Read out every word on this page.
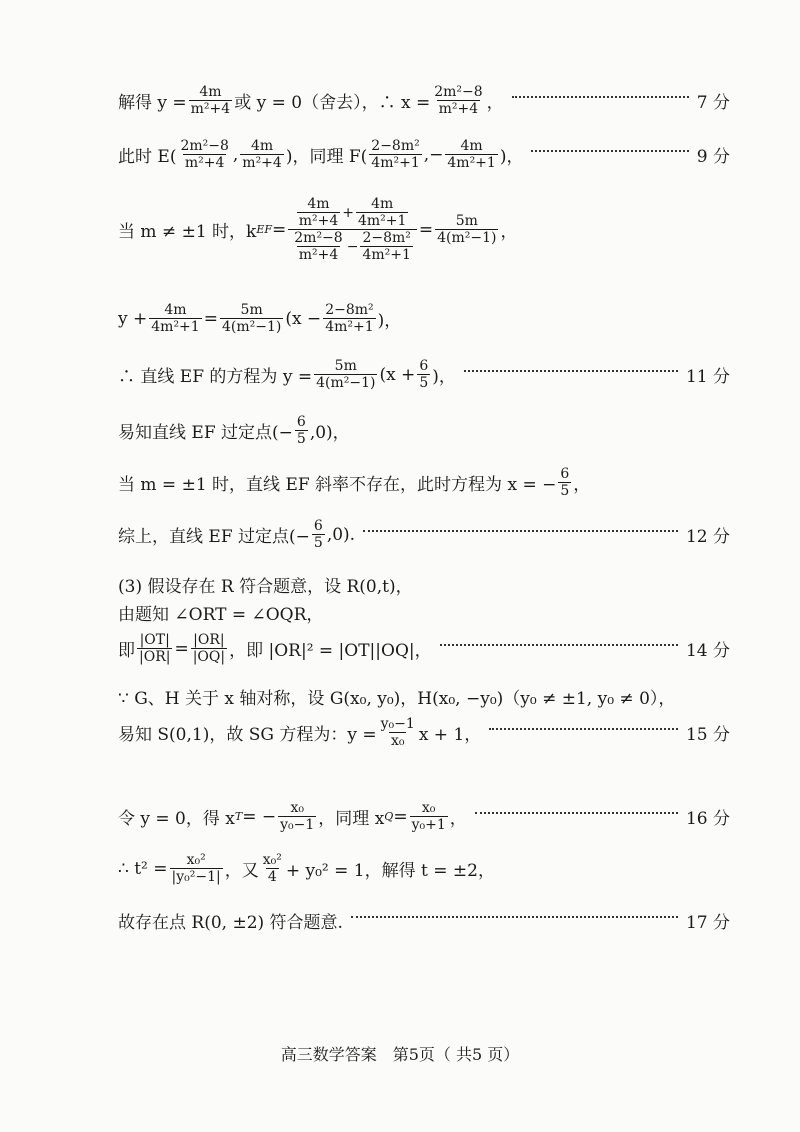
解得 $y = \frac{4m}{\text{m²+4}}$ 或 y = 0（舍去），∴ $x = \frac{\text{2m²−8}}{\text{m²+4}}$ ，	7 分
此时 $E( \frac{\text{2m²−8}}{\text{m²+4}}$ , $\frac{4m}{\text{m²+4}}$ )，同理 $F( \frac{\text{2−8m²}}{\text{4m²+1}}$ ,− $\frac{4m}{\text{4m²+1}}$ )，	9 分
当 m ≠ ±1 时，k EF = $\frac{\frac{4m}{\text{m²+4}} + \frac{4m}{\text{4m²+1}}}{\frac{\text{2m²−8}}{\text{m²+4}} - \frac{\text{2−8m²}}{\text{4m²+1}}} = \frac{5m}{\text{4(m²−1)}}$ ，
$y + \frac{4m}{\text{4m²+1}} = \frac{5m}{\text{4(m²−1)}} (x - \frac{\text{2−8m²}}{\text{4m²+1}}$ )，
∴ 直线 EF 的方程为 $y = \frac{5m}{\text{4(m²−1)}} (x + \frac{6}{5}$ )，	11 分
易知直线 EF 过定点(− $\frac{6}{5} ,0$)，
当 m = ±1 时，直线 EF 斜率不存在，此时方程为 x = − $\frac{6}{5}$ ，
综上，直线 EF 过定点(− $\frac{6}{5} ,0$).	12 分
(3) 假设存在 R 符合题意，设 R(0,t)，
由题知 ∠ORT = ∠OQR，
即 $\frac{|OT|}{|OR|} = \frac{|OR|}{|OQ|}$ ，即 |OR|² = |OT||OQ|，	14 分
∵ G、H 关于 x 轴对称，设 G(x₀, y₀)，H(x₀, −y₀)（y₀ ≠ ±1, y₀ ≠ 0），
易知 S(0,1)，故 SG 方程为：$y = \frac{\text{y₀−1}}{\text{x₀}}$ x + 1，	15 分
令 y = 0，得 x T = − $\frac{\text{x₀}}{\text{y₀−1}}$ ，同理 x $Q = \frac{\text{x₀}}{\text{y₀+1}}$ ，	16 分
∴ $t^2 = \frac{\text{x₀²}}{\text{|y₀²−1|}}$ ，又 $\frac{\text{x₀²}}{4} + y_0^2 = 1$，解得 t = ±2，
故存在点 R(0, ±2) 符合题意.	17 分
高三数学答案　第5页（ 共5 页）
